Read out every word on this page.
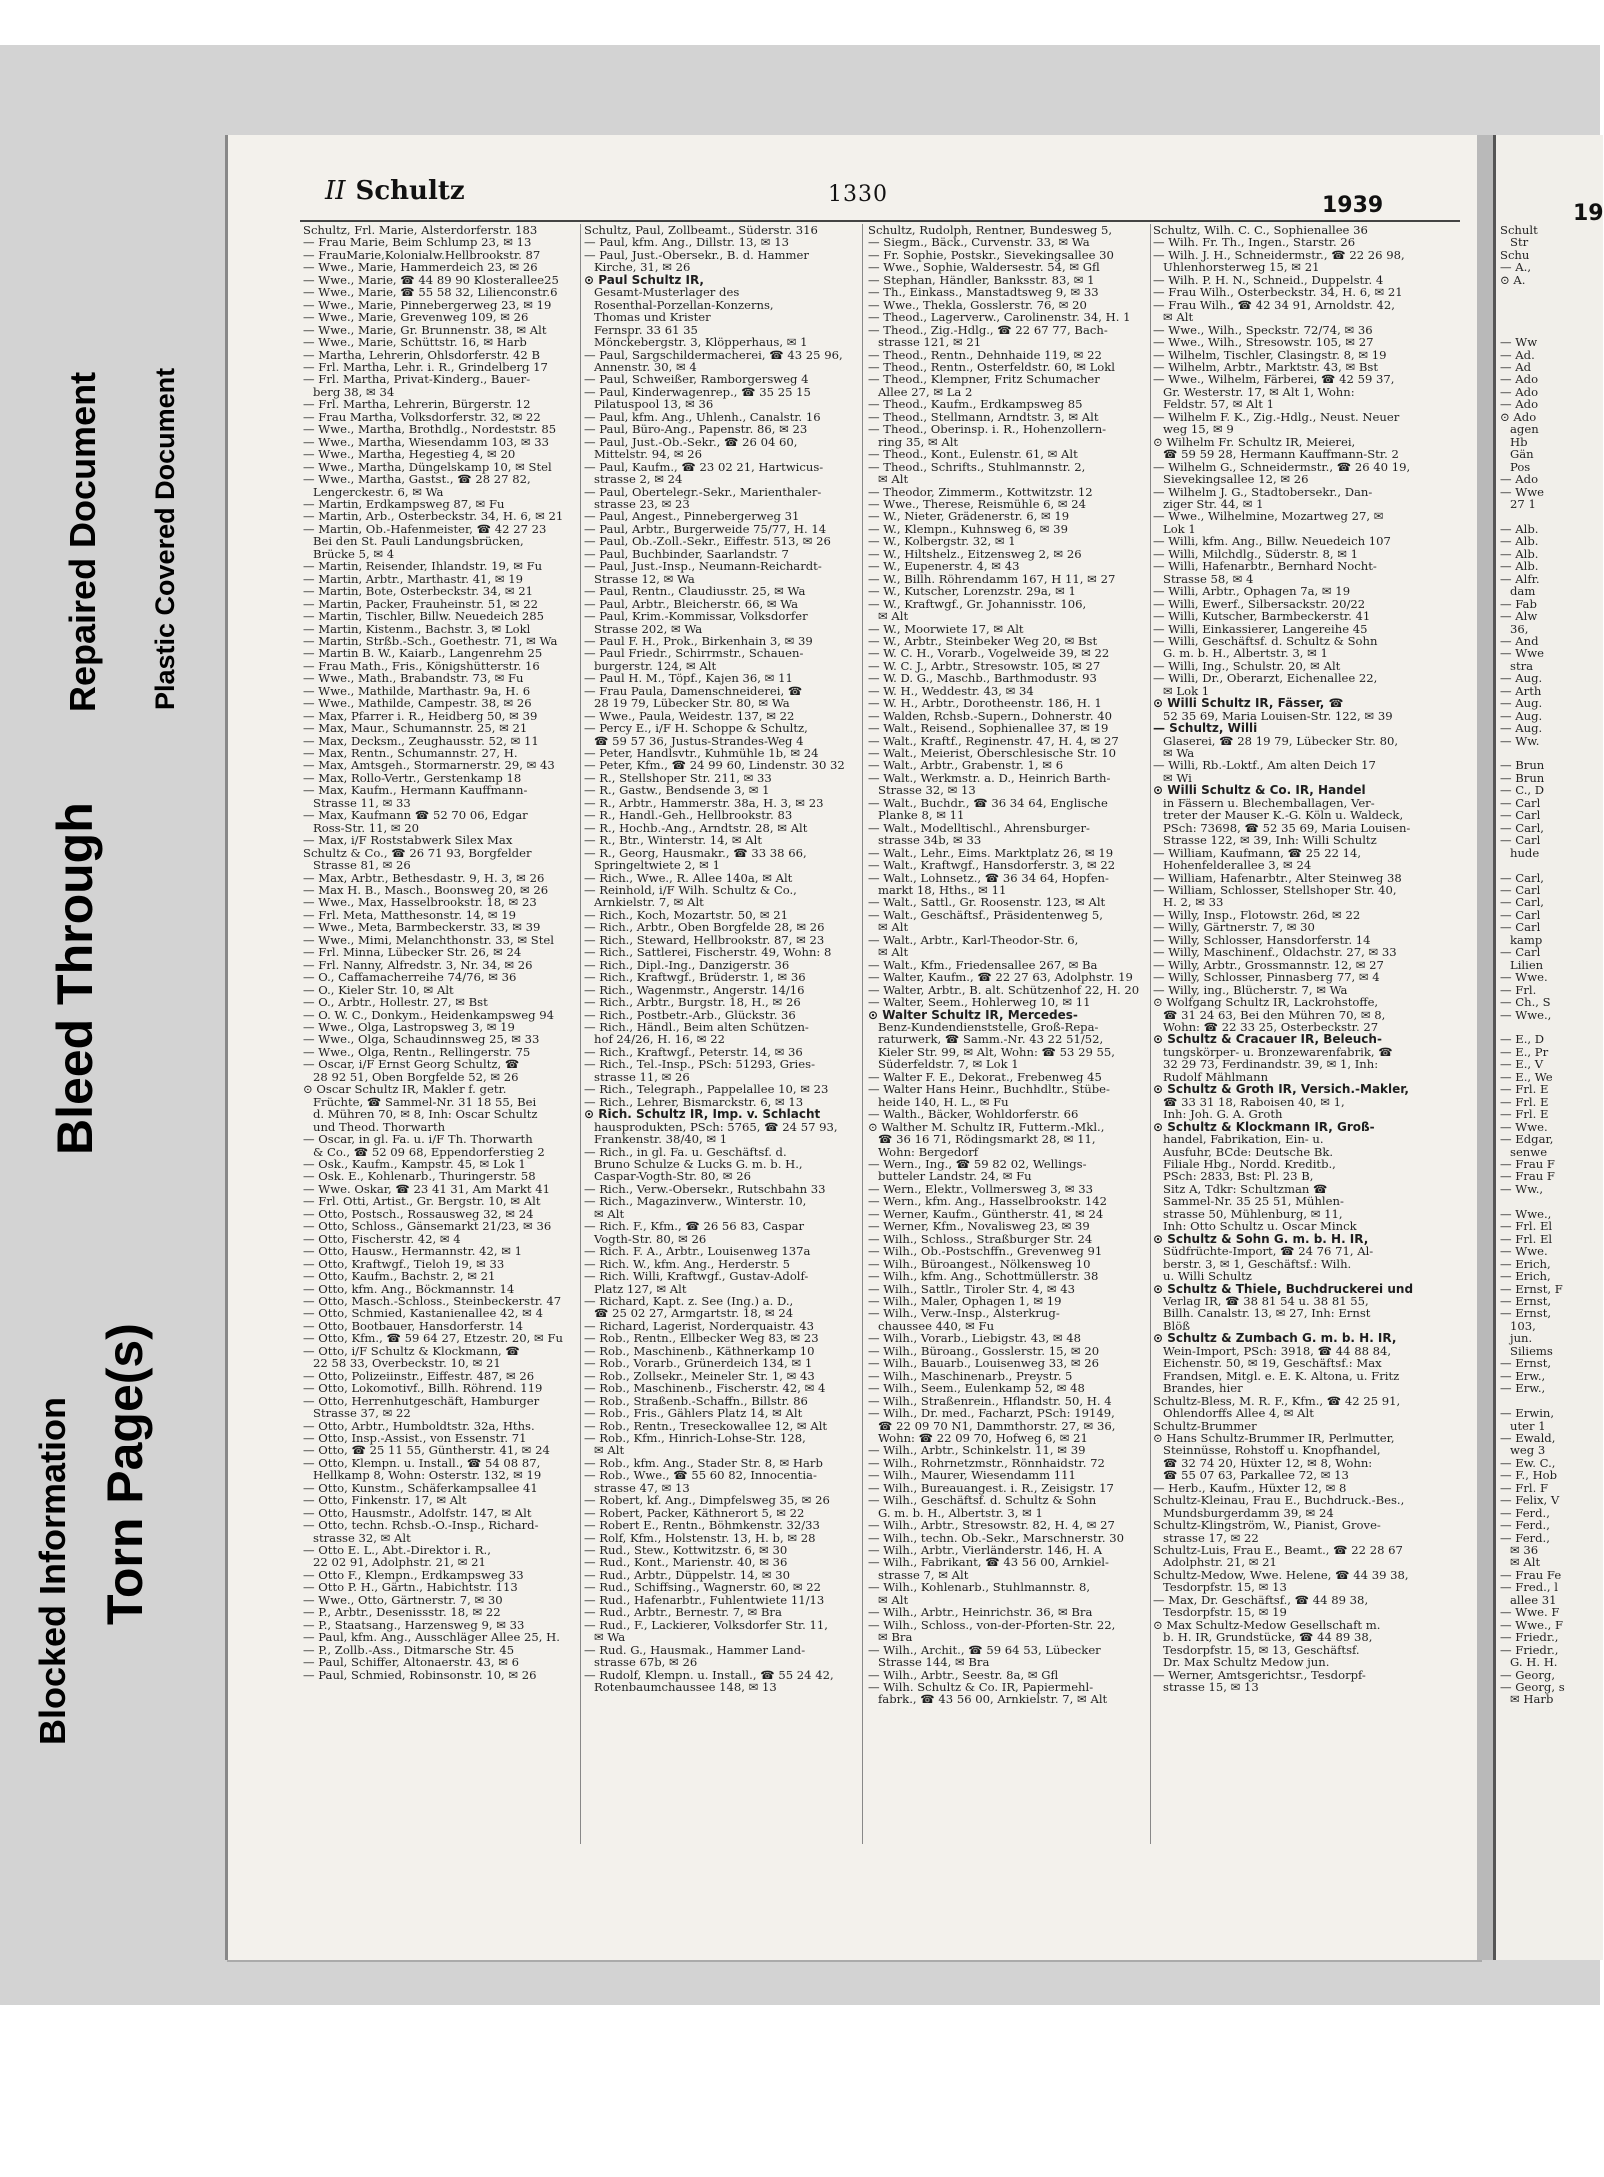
II Schultz	1330	1939	19
Schultz, Frl. Marie, Alsterdorferstr. 183
— Frau Marie, Beim Schlump 23, ✉ 13
— FrauMarie,Kolonialw.Hellbrookstr. 87
— Wwe., Marie, Hammerdeich 23, ✉ 26
— Wwe., Marie, ☎ 44 89 90 Klosterallee25
— Wwe., Marie, ☎ 55 58 32, Lilienconstr.6
— Wwe., Marie, Pinnebergerweg 23, ✉ 19
— Wwe., Marie, Grevenweg 109, ✉ 26
— Wwe., Marie, Gr. Brunnenstr. 38, ✉ Alt
— Wwe., Marie, Schüttstr. 16, ✉ Harb
— Martha, Lehrerin, Ohlsdorferstr. 42 B
— Frl. Martha, Lehr. i. R., Grindelberg 17
— Frl. Martha, Privat-Kinderg., Bauer-
berg 38, ✉ 34
— Frl. Martha, Lehrerin, Bürgerstr. 12
— Frau Martha, Volksdorferstr. 32, ✉ 22
— Wwe., Martha, Brothdlg., Nordeststr. 85
— Wwe., Martha, Wiesendamm 103, ✉ 33
— Wwe., Martha, Hegestieg 4, ✉ 20
— Wwe., Martha, Düngelskamp 10, ✉ Stel
— Wwe., Martha, Gastst., ☎ 28 27 82,
Lengerckestr. 6, ✉ Wa
— Martin, Erdkampsweg 87, ✉ Fu
— Martin, Arb., Osterbeckstr. 34, H. 6, ✉ 21
— Martin, Ob.-Hafenmeister, ☎ 42 27 23
Bei den St. Pauli Landungsbrücken,
Brücke 5, ✉ 4
— Martin, Reisender, Ihlandstr. 19, ✉ Fu
— Martin, Arbtr., Marthastr. 41, ✉ 19
— Martin, Bote, Osterbeckstr. 34, ✉ 21
— Martin, Packer, Frauheinstr. 51, ✉ 22
— Martin, Tischler, Billw. Neuedeich 285
— Martin, Kistenm., Bachstr. 3, ✉ Lokl
— Martin, Strßb.-Sch., Goethestr. 71, ✉ Wa
— Martin B. W., Kaiarb., Langenrehm 25
— Frau Math., Fris., Königshütterstr. 16
— Wwe., Math., Brabandstr. 73, ✉ Fu
— Wwe., Mathilde, Marthastr. 9a, H. 6
— Wwe., Mathilde, Campestr. 38, ✉ 26
— Max, Pfarrer i. R., Heidberg 50, ✉ 39
— Max, Maur., Schumannstr. 25, ✉ 21
— Max, Decksm., Zeughausstr. 52, ✉ 11
— Max, Rentn., Schumannstr. 27, H.
— Max, Amtsgeh., Stormarnerstr. 29, ✉ 43
— Max, Rollo-Vertr., Gerstenkamp 18
— Max, Kaufm., Hermann Kauffmann-
Strasse 11, ✉ 33
— Max, Kaufmann ☎ 52 70 06, Edgar
Ross-Str. 11, ✉ 20
— Max, i/F Roststabwerk Silex Max
Schultz & Co., ☎ 26 71 93, Borgfelder
Strasse 81, ✉ 26
— Max, Arbtr., Bethesdastr. 9, H. 3, ✉ 26
— Max H. B., Masch., Boonsweg 20, ✉ 26
— Wwe., Max, Hasselbrookstr. 18, ✉ 23
— Frl. Meta, Matthesonstr. 14, ✉ 19
— Wwe., Meta, Barmbeckerstr. 33, ✉ 39
— Wwe., Mimi, Melanchthonstr. 33, ✉ Stel
— Frl. Minna, Lübecker Str. 26, ✉ 24
— Frl. Nanny, Alfredstr. 3, Nr. 34, ✉ 26
— O., Caffamacherreihe 74/76, ✉ 36
— O., Kieler Str. 10, ✉ Alt
— O., Arbtr., Hollestr. 27, ✉ Bst
— O. W. C., Donkym., Heidenkampsweg 94
— Wwe., Olga, Lastropsweg 3, ✉ 19
— Wwe., Olga, Schaudinnsweg 25, ✉ 33
— Wwe., Olga, Rentn., Rellingerstr. 75
— Oscar, i/F Ernst Georg Schultz, ☎
28 92 51, Oben Borgfelde 52, ✉ 26
⊙ Oscar Schultz IR, Makler f. getr.
Früchte, ☎ Sammel-Nr. 31 18 55, Bei
d. Mühren 70, ✉ 8, Inh: Oscar Schultz
und Theod. Thorwarth
— Oscar, in gl. Fa. u. i/F Th. Thorwarth
& Co., ☎ 52 09 68, Eppendorferstieg 2
— Osk., Kaufm., Kampstr. 45, ✉ Lok 1
— Osk. E., Kohlenarb., Thuringerstr. 58
— Wwe. Oskar, ☎ 23 41 31, Am Markt 41
— Frl. Otti, Artist., Gr. Bergstr. 10, ✉ Alt
— Otto, Postsch., Rossausweg 32, ✉ 24
— Otto, Schloss., Gänsemarkt 21/23, ✉ 36
— Otto, Fischerstr. 42, ✉ 4
— Otto, Hausw., Hermannstr. 42, ✉ 1
— Otto, Kraftwgf., Tieloh 19, ✉ 33
— Otto, Kaufm., Bachstr. 2, ✉ 21
— Otto, kfm. Ang., Böckmannstr. 14
— Otto, Masch.-Schloss., Steinbeckerstr. 47
— Otto, Schmied, Kastanienallee 42, ✉ 4
— Otto, Bootbauer, Hansdorferstr. 14
— Otto, Kfm., ☎ 59 64 27, Etzestr. 20, ✉ Fu
— Otto, i/F Schultz & Klockmann, ☎
22 58 33, Overbeckstr. 10, ✉ 21
— Otto, Polizeiinstr., Eiffestr. 487, ✉ 26
— Otto, Lokomotivf., Billh. Röhrend. 119
— Otto, Herrenhutgeschäft, Hamburger
Strasse 37, ✉ 22
— Otto, Arbtr., Humboldtstr. 32a, Hths.
— Otto, Insp.-Assist., von Essenstr. 71
— Otto, ☎ 25 11 55, Güntherstr. 41, ✉ 24
— Otto, Klempn. u. Install., ☎ 54 08 87,
Hellkamp 8, Wohn: Osterstr. 132, ✉ 19
— Otto, Kunstm., Schäferkampsallee 41
— Otto, Finkenstr. 17, ✉ Alt
— Otto, Hausmstr., Adolfstr. 147, ✉ Alt
— Otto, techn. Rchsb.-O.-Insp., Richard-
strasse 32, ✉ Alt
— Otto E. L., Abt.-Direktor i. R.,
22 02 91, Adolphstr. 21, ✉ 21
— Otto F., Klempn., Erdkampsweg 33
— Otto P. H., Gärtn., Habichtstr. 113
— Wwe., Otto, Gärtnerstr. 7, ✉ 30
— P., Arbtr., Desenissstr. 18, ✉ 22
— P., Staatsang., Harzensweg 9, ✉ 33
— Paul, kfm. Ang., Ausschläger Allee 25, H.
— P., Zollb.-Ass., Ditmarsche Str. 45
— Paul, Schiffer, Altonaerstr. 43, ✉ 6
— Paul, Schmied, Robinsonstr. 10, ✉ 26
Schultz, Paul, Zollbeamt., Süderstr. 316
— Paul, kfm. Ang., Dillstr. 13, ✉ 13
— Paul, Just.-Obersekr., B. d. Hammer
Kirche, 31, ✉ 26
⊙ Paul Schultz IR,
Gesamt-Musterlager des
Rosenthal-Porzellan-Konzerns,
Thomas und Krister
Fernspr. 33 61 35
Mönckebergstr. 3, Klöpperhaus, ✉ 1
— Paul, Sargschildermacherei, ☎ 43 25 96,
Annenstr. 30, ✉ 4
— Paul, Schweißer, Ramborgersweg 4
— Paul, Kinderwagenrep., ☎ 35 25 15
Pilatuspool 13, ✉ 36
— Paul, kfm. Ang., Uhlenh., Canalstr. 16
— Paul, Büro-Ang., Papenstr. 86, ✉ 23
— Paul, Just.-Ob.-Sekr., ☎ 26 04 60,
Mittelstr. 94, ✉ 26
— Paul, Kaufm., ☎ 23 02 21, Hartwicus-
strasse 2, ✉ 24
— Paul, Obertelegr.-Sekr., Marienthaler-
strasse 23, ✉ 23
— Paul, Angest., Pinnebergerweg 31
— Paul, Arbtr., Burgerweide 75/77, H. 14
— Paul, Ob.-Zoll.-Sekr., Eiffestr. 513, ✉ 26
— Paul, Buchbinder, Saarlandstr. 7
— Paul, Just.-Insp., Neumann-Reichardt-
Strasse 12, ✉ Wa
— Paul, Rentn., Claudiusstr. 25, ✉ Wa
— Paul, Arbtr., Bleicherstr. 66, ✉ Wa
— Paul, Krim.-Kommissar, Volksdorfer
Strasse 202, ✉ Wa
— Paul F. H., Prok., Birkenhain 3, ✉ 39
— Paul Friedr., Schirrmstr., Schauen-
burgerstr. 124, ✉ Alt
— Paul H. M., Töpf., Kajen 36, ✉ 11
— Frau Paula, Damenschneiderei, ☎
28 19 79, Lübecker Str. 80, ✉ Wa
— Wwe., Paula, Weidestr. 137, ✉ 22
— Percy E., i/F H. Schoppe & Schultz,
☎ 59 57 36, Justus-Strandes-Weg 4
— Peter, Handlsvtr., Kuhmühle 1b, ✉ 24
— Peter, Kfm., ☎ 24 99 60, Lindenstr. 30 32
— R., Stellshoper Str. 211, ✉ 33
— R., Gastw., Bendsende 3, ✉ 1
— R., Arbtr., Hammerstr. 38a, H. 3, ✉ 23
— R., Handl.-Geh., Hellbrookstr. 83
— R., Hochb.-Ang., Arndtstr. 28, ✉ Alt
— R., Btr., Winterstr. 14, ✉ Alt
— R., Georg, Hausmakr., ☎ 33 38 66,
Springeltwiete 2, ✉ 1
— Rich., Wwe., R. Allee 140a, ✉ Alt
— Reinhold, i/F Wilh. Schultz & Co.,
Arnkielstr. 7, ✉ Alt
— Rich., Koch, Mozartstr. 50, ✉ 21
— Rich., Arbtr., Oben Borgfelde 28, ✉ 26
— Rich., Steward, Hellbrookstr. 87, ✉ 23
— Rich., Sattlerei, Fischerstr. 49, Wohn: 8
— Rich., Dipl.-Ing., Danzigerstr. 36
— Rich., Kraftwgf., Brüderstr. 1, ✉ 36
— Rich., Wagenmstr., Angerstr. 14/16
— Rich., Arbtr., Burgstr. 18, H., ✉ 26
— Rich., Postbetr.-Arb., Glückstr. 36
— Rich., Händl., Beim alten Schützen-
hof 24/26, H. 16, ✉ 22
— Rich., Kraftwgf., Peterstr. 14, ✉ 36
— Rich., Tel.-Insp., PSch: 51293, Gries-
strasse 11, ✉ 26
— Rich., Telegraph., Pappelallee 10, ✉ 23
— Rich., Lehrer, Bismarckstr. 6, ✉ 13
⊙ Rich. Schultz IR, Imp. v. Schlacht
hausprodukten, PSch: 5765, ☎ 24 57 93,
Frankenstr. 38/40, ✉ 1
— Rich., in gl. Fa. u. Geschäftsf. d.
Bruno Schulze & Lucks G. m. b. H.,
Caspar-Vogth-Str. 80, ✉ 26
— Rich., Verw.-Obersekr., Rutschbahn 33
— Rich., Magazinverw., Winterstr. 10,
✉ Alt
— Rich. F., Kfm., ☎ 26 56 83, Caspar
Vogth-Str. 80, ✉ 26
— Rich. F. A., Arbtr., Louisenweg 137a
— Rich. W., kfm. Ang., Herderstr. 5
— Rich. Willi, Kraftwgf., Gustav-Adolf-
Platz 127, ✉ Alt
— Richard, Kapt. z. See (Ing.) a. D.,
☎ 25 02 27, Armgartstr. 18, ✉ 24
— Richard, Lagerist, Norderquaistr. 43
— Rob., Rentn., Ellbecker Weg 83, ✉ 23
— Rob., Maschinenb., Käthnerkamp 10
— Rob., Vorarb., Grünerdeich 134, ✉ 1
— Rob., Zollsekr., Meineler Str. 1, ✉ 43
— Rob., Maschinenb., Fischerstr. 42, ✉ 4
— Rob., Straßenb.-Schaffn., Billstr. 86
— Rob., Fris., Gählers Platz 14, ✉ Alt
— Rob., Rentn., Treseckowallee 12, ✉ Alt
— Rob., Kfm., Hinrich-Lohse-Str. 128,
✉ Alt
— Rob., kfm. Ang., Stader Str. 8, ✉ Harb
— Rob., Wwe., ☎ 55 60 82, Innocentia-
strasse 47, ✉ 13
— Robert, kf. Ang., Dimpfelsweg 35, ✉ 26
— Robert, Packer, Käthnerort 5, ✉ 22
— Robert E., Rentn., Böhmkenstr. 32/33
— Rolf, Kfm., Holstenstr. 13, H. b, ✉ 28
— Rud., Stew., Kottwitzstr. 6, ✉ 30
— Rud., Kont., Marienstr. 40, ✉ 36
— Rud., Arbtr., Düppelstr. 14, ✉ 30
— Rud., Schiffsing., Wagnerstr. 60, ✉ 22
— Rud., Hafenarbtr., Fuhlentwiete 11/13
— Rud., Arbtr., Bernestr. 7, ✉ Bra
— Rud., F., Lackierer, Volksdorfer Str. 11,
✉ Wa
— Rud. G., Hausmak., Hammer Land-
strasse 67b, ✉ 26
— Rudolf, Klempn. u. Install., ☎ 55 24 42,
Rotenbaumchaussee 148, ✉ 13
Schultz, Rudolph, Rentner, Bundesweg 5,
— Siegm., Bäck., Curvenstr. 33, ✉ Wa
— Fr. Sophie, Postskr., Sievekingsallee 30
— Wwe., Sophie, Waldersestr. 54, ✉ Gfl
— Stephan, Händler, Banksstr. 83, ✉ 1
— Th., Einkass., Manstadtsweg 9, ✉ 33
— Wwe., Thekla, Gosslerstr. 76, ✉ 20
— Theod., Lagerverw., Carolinenstr. 34, H. 1
— Theod., Zig.-Hdlg., ☎ 22 67 77, Bach-
strasse 121, ✉ 21
— Theod., Rentn., Dehnhaide 119, ✉ 22
— Theod., Rentn., Osterfeldstr. 60, ✉ Lokl
— Theod., Klempner, Fritz Schumacher
Allee 27, ✉ La 2
— Theod., Kaufm., Erdkampsweg 85
— Theod., Stellmann, Arndtstr. 3, ✉ Alt
— Theod., Oberinsp. i. R., Hohenzollern-
ring 35, ✉ Alt
— Theod., Kont., Eulenstr. 61, ✉ Alt
— Theod., Schrifts., Stuhlmannstr. 2,
✉ Alt
— Theodor, Zimmerm., Kottwitzstr. 12
— Wwe., Therese, Reismühle 6, ✉ 24
— W., Nieter, Grädenerstr. 6, ✉ 19
— W., Klempn., Kuhnsweg 6, ✉ 39
— W., Kolbergstr. 32, ✉ 1
— W., Hiltshelz., Eitzensweg 2, ✉ 26
— W., Eupenerstr. 4, ✉ 43
— W., Billh. Röhrendamm 167, H 11, ✉ 27
— W., Kutscher, Lorenzstr. 29a, ✉ 1
— W., Kraftwgf., Gr. Johannisstr. 106,
✉ Alt
— W., Moorwiete 17, ✉ Alt
— W., Arbtr., Steinbeker Weg 20, ✉ Bst
— W. C. H., Vorarb., Vogelweide 39, ✉ 22
— W. C. J., Arbtr., Stresowstr. 105, ✉ 27
— W. D. G., Maschb., Barthmodustr. 93
— W. H., Weddestr. 43, ✉ 34
— W. H., Arbtr., Dorotheenstr. 186, H. 1
— Walden, Rchsb.-Supern., Dohnerstr. 40
— Walt., Reisend., Sophienallee 37, ✉ 19
— Walt., Kraftf., Reginenstr. 47, H. 4, ✉ 27
— Walt., Meierist, Oberschlesische Str. 10
— Walt., Arbtr., Grabenstr. 1, ✉ 6
— Walt., Werkmstr. a. D., Heinrich Barth-
Strasse 32, ✉ 13
— Walt., Buchdr., ☎ 36 34 64, Englische
Planke 8, ✉ 11
— Walt., Modelltischl., Ahrensburger-
strasse 34b, ✉ 33
— Walt., Lehr., Eims. Marktplatz 26, ✉ 19
— Walt., Kraftwgf., Hansdorferstr. 3, ✉ 22
— Walt., Lohnsetz., ☎ 36 34 64, Hopfen-
markt 18, Hths., ✉ 11
— Walt., Sattl., Gr. Roosenstr. 123, ✉ Alt
— Walt., Geschäftsf., Präsidentenweg 5,
✉ Alt
— Walt., Arbtr., Karl-Theodor-Str. 6,
✉ Alt
— Walt., Kfm., Friedensallee 267, ✉ Ba
— Walter, Kaufm., ☎ 22 27 63, Adolphstr. 19
— Walter, Arbtr., B. alt. Schützenhof 22, H. 20
— Walter, Seem., Hohlerweg 10, ✉ 11
⊙ Walter Schultz IR, Mercedes-
Benz-Kundendienststelle, Groß-Repa-
raturwerk, ☎ Samm.-Nr. 43 22 51/52,
Kieler Str. 99, ✉ Alt, Wohn: ☎ 53 29 55,
Süderfeldstr. 7, ✉ Lok 1
— Walter F. E., Dekorat., Frebenweg 45
— Walter Hans Heinr., Buchhdltr., Stübe-
heide 140, H. L., ✉ Fu
— Walth., Bäcker, Wohldorferstr. 66
⊙ Walther M. Schultz IR, Futterm.-Mkl.,
☎ 36 16 71, Rödingsmarkt 28, ✉ 11,
Wohn: Bergedorf
— Wern., Ing., ☎ 59 82 02, Wellings-
butteler Landstr. 24, ✉ Fu
— Wern., Elektr., Vollmersweg 3, ✉ 33
— Wern., kfm. Ang., Hasselbrookstr. 142
— Werner, Kaufm., Güntherstr. 41, ✉ 24
— Werner, Kfm., Novalisweg 23, ✉ 39
— Wilh., Schloss., Straßburger Str. 24
— Wilh., Ob.-Postschffn., Grevenweg 91
— Wilh., Büroangest., Nölkensweg 10
— Wilh., kfm. Ang., Schottmüllerstr. 38
— Wilh., Sattlr., Tiroler Str. 4, ✉ 43
— Wilh., Maler, Ophagen 1, ✉ 19
— Wilh., Verw.-Insp., Alsterkrug-
chaussee 440, ✉ Fu
— Wilh., Vorarb., Liebigstr. 43, ✉ 48
— Wilh., Büroang., Gosslerstr. 15, ✉ 20
— Wilh., Bauarb., Louisenweg 33, ✉ 26
— Wilh., Maschinenarb., Preystr. 5
— Wilh., Seem., Eulenkamp 52, ✉ 48
— Wilh., Straßenrein., Hflandstr. 50, H. 4
— Wilh., Dr. med., Facharzt, PSch: 19149,
☎ 22 09 70 N1, Dammthorstr. 27, ✉ 36,
Wohn: ☎ 22 09 70, Hofweg 6, ✉ 21
— Wilh., Arbtr., Schinkelstr. 11, ✉ 39
— Wilh., Rohrnetzmstr., Rönnhaidstr. 72
— Wilh., Maurer, Wiesendamm 111
— Wilh., Bureauangest. i. R., Zeisigstr. 17
— Wilh., Geschäftsf. d. Schultz & Sohn
G. m. b. H., Albertstr. 3, ✉ 1
— Wilh., Arbtr., Stresowstr. 82, H. 4, ✉ 27
— Wilh., techn. Ob.-Sekr., Marschnerstr. 30
— Wilh., Arbtr., Vierländerstr. 146, H. A
— Wilh., Fabrikant, ☎ 43 56 00, Arnkiel-
strasse 7, ✉ Alt
— Wilh., Kohlenarb., Stuhlmannstr. 8,
✉ Alt
— Wilh., Arbtr., Heinrichstr. 36, ✉ Bra
— Wilh., Schloss., von-der-Pforten-Str. 22,
✉ Bra
— Wilh., Archit., ☎ 59 64 53, Lübecker
Strasse 144, ✉ Bra
— Wilh., Arbtr., Seestr. 8a, ✉ Gfl
— Wilh. Schultz & Co. IR, Papiermehl-
fabrk., ☎ 43 56 00, Arnkielstr. 7, ✉ Alt
Schultz, Wilh. C. C., Sophienallee 36
— Wilh. Fr. Th., Ingen., Starstr. 26
— Wilh. J. H., Schneidermstr., ☎ 22 26 98,
Uhlenhorsterweg 15, ✉ 21
— Wilh. P. H. N., Schneid., Duppelstr. 4
— Frau Wilh., Osterbeckstr. 34, H. 6, ✉ 21
— Frau Wilh., ☎ 42 34 91, Arnoldstr. 42,
✉ Alt
— Wwe., Wilh., Speckstr. 72/74, ✉ 36
— Wwe., Wilh., Stresowstr. 105, ✉ 27
— Wilhelm, Tischler, Clasingstr. 8, ✉ 19
— Wilhelm, Arbtr., Marktstr. 43, ✉ Bst
— Wwe., Wilhelm, Färberei, ☎ 42 59 37,
Gr. Westerstr. 17, ✉ Alt 1, Wohn:
Feldstr. 57, ✉ Alt 1
— Wilhelm F. K., Zig.-Hdlg., Neust. Neuer
weg 15, ✉ 9
⊙ Wilhelm Fr. Schultz IR, Meierei,
☎ 59 59 28, Hermann Kauffmann-Str. 2
— Wilhelm G., Schneidermstr., ☎ 26 40 19,
Sievekingsallee 12, ✉ 26
— Wilhelm J. G., Stadtobersekr., Dan-
ziger Str. 44, ✉ 1
— Wwe., Wilhelmine, Mozartweg 27, ✉
Lok 1
— Willi, kfm. Ang., Billw. Neuedeich 107
— Willi, Milchdlg., Süderstr. 8, ✉ 1
— Willi, Hafenarbtr., Bernhard Nocht-
Strasse 58, ✉ 4
— Willi, Arbtr., Ophagen 7a, ✉ 19
— Willi, Ewerf., Silbersackstr. 20/22
— Willi, Kutscher, Barmbeckerstr. 41
— Willi, Einkassierer, Langereihe 45
— Willi, Geschäftsf. d. Schultz & Sohn
G. m. b. H., Albertstr. 3, ✉ 1
— Willi, Ing., Schulstr. 20, ✉ Alt
— Willi, Dr., Oberarzt, Eichenallee 22,
✉ Lok 1
⊙ Willi Schultz IR, Fässer, ☎
52 35 69, Maria Louisen-Str. 122, ✉ 39
— Schultz, Willi
Glaserei, ☎ 28 19 79, Lübecker Str. 80,
✉ Wa
— Willi, Rb.-Loktf., Am alten Deich 17
✉ Wi
⊙ Willi Schultz & Co. IR, Handel
in Fässern u. Blechemballagen, Ver-
treter der Mauser K.-G. Köln u. Waldeck,
PSch: 73698, ☎ 52 35 69, Maria Louisen-
Strasse 122, ✉ 39, Inh: Willi Schultz
— William, Kaufmann, ☎ 25 22 14,
Hohenfelderallee 3, ✉ 24
— William, Hafenarbtr., Alter Steinweg 38
— William, Schlosser, Stellshoper Str. 40,
H. 2, ✉ 33
— Willy, Insp., Flotowstr. 26d, ✉ 22
— Willy, Gärtnerstr. 7, ✉ 30
— Willy, Schlosser, Hansdorferstr. 14
— Willy, Maschinenf., Oldachstr. 27, ✉ 33
— Willy, Arbtr., Grossmannstr. 12, ✉ 27
— Willy, Schlosser, Pinnasberg 77, ✉ 4
— Willy, ing., Blücherstr. 7, ✉ Wa
⊙ Wolfgang Schultz IR, Lackrohstoffe,
☎ 31 24 63, Bei den Mühren 70, ✉ 8,
Wohn: ☎ 22 33 25, Osterbeckstr. 27
⊙ Schultz & Cracauer IR, Beleuch-
tungskörper- u. Bronzewarenfabrik, ☎
32 29 73, Ferdinandstr. 39, ✉ 1, Inh:
Rudolf Mählmann
⊙ Schultz & Groth IR, Versich.-Makler,
☎ 33 31 18, Raboisen 40, ✉ 1,
Inh: Joh. G. A. Groth
⊙ Schultz & Klockmann IR, Groß-
handel, Fabrikation, Ein- u.
Ausfuhr, BCde: Deutsche Bk.
Filiale Hbg., Nordd. Kreditb.,
PSch: 2833, Bst: Pl. 23 B,
Sitz A, Tdkr: Schultzman ☎
Sammel-Nr. 35 25 51, Mühlen-
strasse 50, Mühlenburg, ✉ 11,
Inh: Otto Schultz u. Oscar Minck
⊙ Schultz & Sohn G. m. b. H. IR,
Südfrüchte-Import, ☎ 24 76 71, Al-
berstr. 3, ✉ 1, Geschäftsf.: Wilh.
u. Willi Schultz
⊙ Schultz & Thiele, Buchdruckerei und
Verlag IR, ☎ 38 81 54 u. 38 81 55,
Billh. Canalstr. 13, ✉ 27, Inh: Ernst
Blöß
⊙ Schultz & Zumbach G. m. b. H. IR,
Wein-Import, PSch: 3918, ☎ 44 88 84,
Eichenstr. 50, ✉ 19, Geschäftsf.: Max
Frandsen, Mitgl. e. E. K. Altona, u. Fritz
Brandes, hier
Schultz-Bless, M. R. F., Kfm., ☎ 42 25 91,
Ohlendorffs Allee 4, ✉ Alt
Schultz-Brummer
⊙ Hans Schultz-Brummer IR, Perlmutter,
Steinnüsse, Rohstoff u. Knopfhandel,
☎ 32 74 20, Hüxter 12, ✉ 8, Wohn:
☎ 55 07 63, Parkallee 72, ✉ 13
— Herb., Kaufm., Hüxter 12, ✉ 8
Schultz-Kleinau, Frau E., Buchdruck.-Bes.,
Mundsburgerdamm 39, ✉ 24
Schultz-Klingström, W., Pianist, Grove-
strasse 17, ✉ 22
Schultz-Luis, Frau E., Beamt., ☎ 22 28 67
Adolphstr. 21, ✉ 21
Schultz-Medow, Wwe. Helene, ☎ 44 39 38,
Tesdorpfstr. 15, ✉ 13
— Max, Dr. Geschäftsf., ☎ 44 89 38,
Tesdorpfstr. 15, ✉ 19
⊙ Max Schultz-Medow Gesellschaft m.
b. H. IR, Grundstücke, ☎ 44 89 38,
Tesdorpfstr. 15, ✉ 13, Geschäftsf.
Dr. Max Schultz Medow jun.
— Werner, Amtsgerichtsr., Tesdorpf-
strasse 15, ✉ 13
Schult
Str
Schu
— A.,
⊙ A.

— Ww
— Ad.
— Ad
— Ado
— Ado
— Ado
⊙ Ado
agen
Hb
Gän
Pos
— Ado
— Wwe
27 1

— Alb.
— Alb.
— Alb.
— Alb.
— Alfr.
dam
— Fab
— Alw
36,
— And
— Wwe
stra
— Aug.
— Arth
— Aug.
— Aug.
— Aug.
— Ww.

— Brun
— Brun
— C., D
— Carl
— Carl
— Carl,
— Carl
hude

— Carl,
— Carl
— Carl,
— Carl
— Carl
kamp
— Carl
Lilien
— Wwe.
— Frl.
— Ch., S
— Wwe.,

— E., D
— E., Pr
— E., V
— E., We
— Frl. E
— Frl. E
— Frl. E
— Wwe.
— Edgar,
senwe
— Frau F
— Frau F
— Ww.,

— Wwe.,
— Frl. El
— Frl. El
— Wwe.
— Erich,
— Erich,
— Ernst, F
— Ernst,
— Ernst,
103,
jun.
Siliems
— Ernst,
— Erw.,
— Erw.,

— Erwin,
uter 1
— Ewald,
weg 3
— Ew. C.,
— F., Hob
— Frl. F
— Felix, V
— Ferd.,
— Ferd.,
— Ferd.,
✉ 36
✉ Alt
— Frau Fe
— Fred., l
allee 31
— Wwe. F
— Wwe., F
— Friedr.,
— Friedr.,
G. H. H.
— Georg,
— Georg, s
✉ Harb
Blocked Information Torn Page(s)
Bleed Through
Repaired Document Plastic Covered Document
